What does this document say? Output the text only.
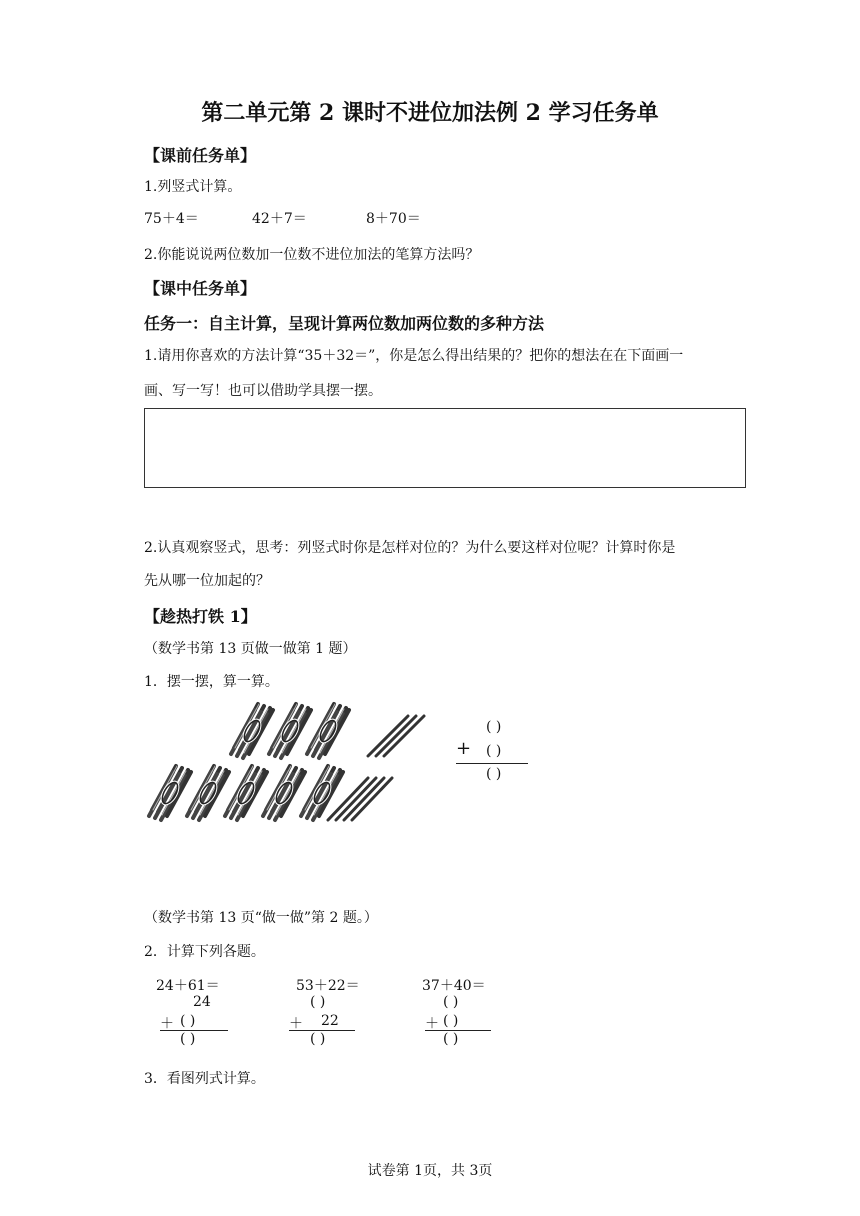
第二单元第 2 课时不进位加法例 2 学习任务单
【课前任务单】
1.列竖式计算。
75＋4＝	42＋7＝	8＋70＝
2.你能说说两位数加一位数不进位加法的笔算方法吗？
【课中任务单】
任务一：自主计算，呈现计算两位数加两位数的多种方法
1.请用你喜欢的方法计算“35＋32＝”，你是怎么得出结果的？把你的想法在在下面画一
画、写一写！也可以借助学具摆一摆。
2.认真观察竖式，思考：列竖式时你是怎样对位的？为什么要这样对位呢？计算时你是
先从哪一位加起的？
【趁热打铁 1】
（数学书第 13 页做一做第 1 题）
1．摆一摆，算一算。
( )
+ ( )
( )
（数学书第 13 页“做一做”第 2 题。）
2．计算下列各题。
24＋61＝
24
＋ ( )
( )
53＋22＝
( )
＋ 22
( )
37＋40＝
( )
＋ ( )
( )
3．看图列式计算。
试卷第 1页，共 3页
